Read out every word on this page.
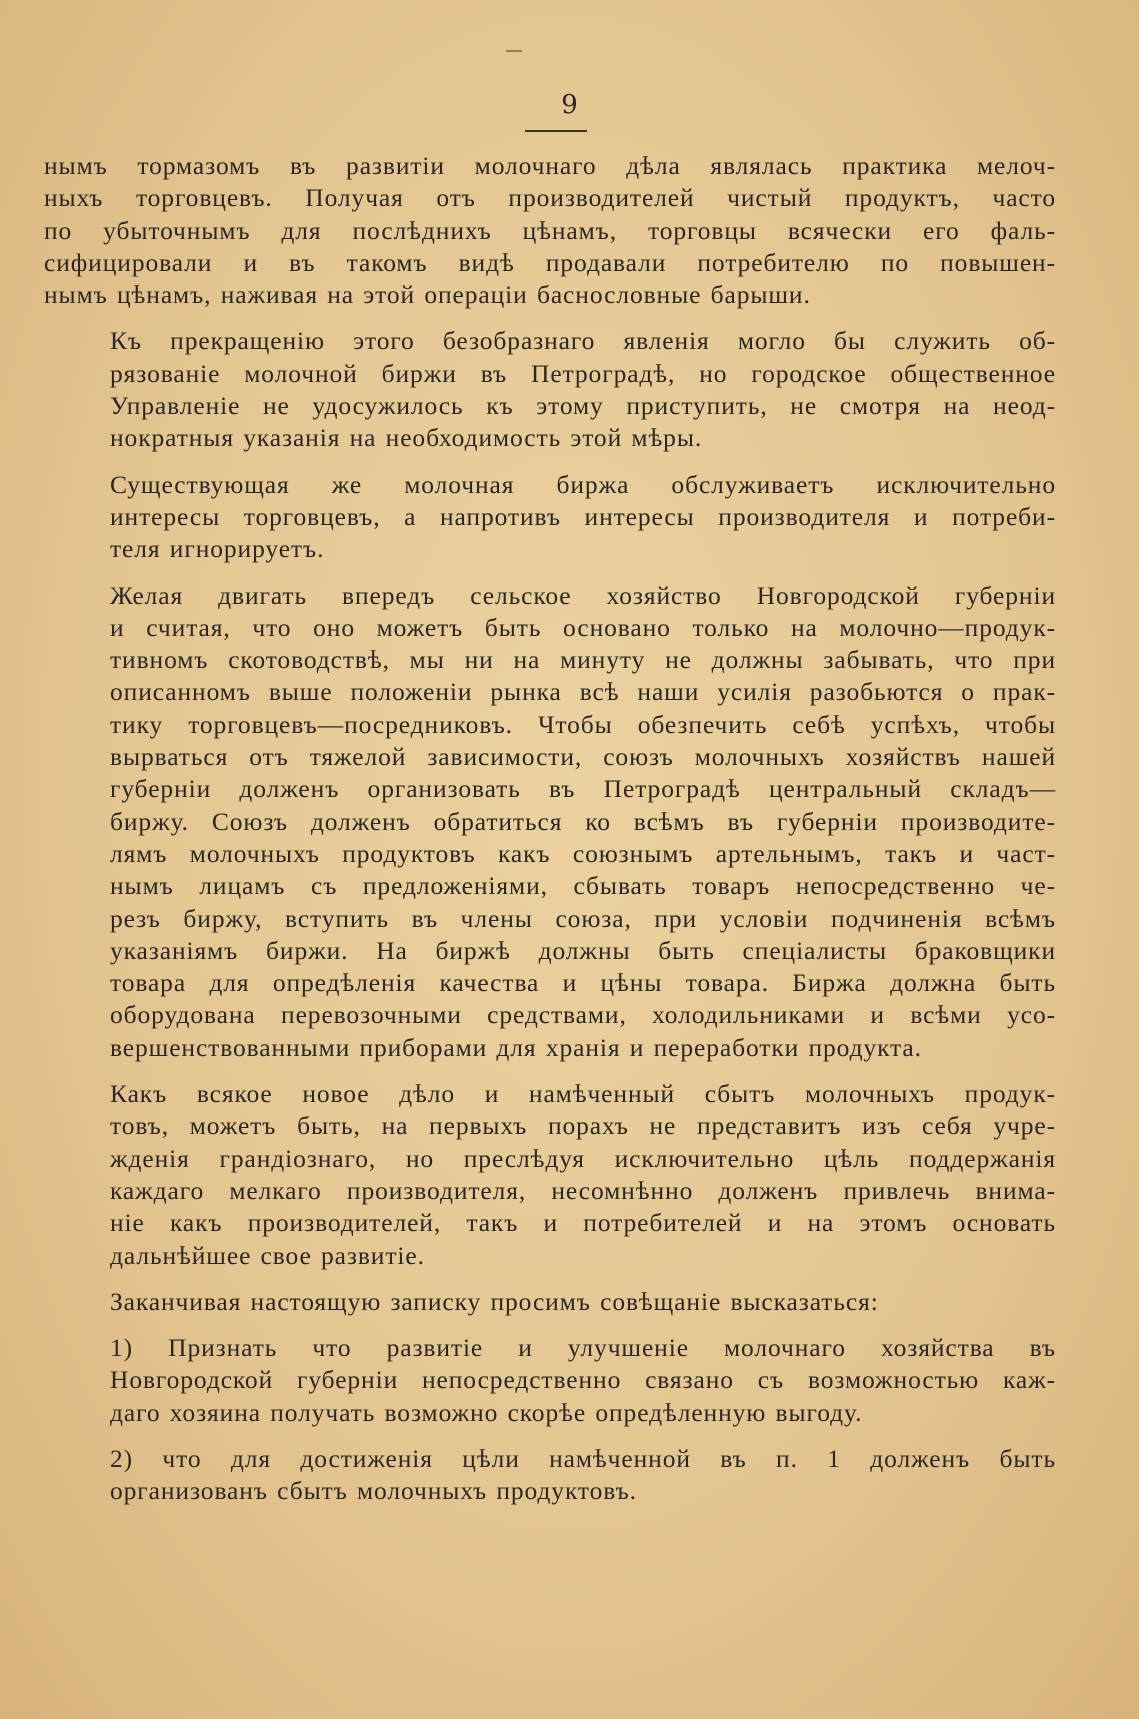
9

нымъ тормазомъ въ развитiи молочнаго дѣла являлась практика мелоч-
ныхъ торговцевъ. Получая отъ производителей чистый продуктъ, часто
по убыточнымъ для послѣднихъ цѣнамъ, торговцы всячески его фаль-
сифицировали и въ такомъ видѣ продавали потребителю по повышен-
нымъ цѣнамъ, наживая на этой операцiи баснословные барыши.

Къ прекращенiю этого безобразнаго явленiя могло бы служить об-
рязованiе молочной биржи въ Петроградѣ, но городское общественное
Управленiе не удосужилось къ этому приступить, не смотря на неод-
нократныя указанiя на необходимость этой мѣры.

Существующая же молочная биржа обслуживаетъ исключительно
интересы торговцевъ, а напротивъ интересы производителя и потреби-
теля игнорируетъ.

Желая двигать впередъ сельское хозяйство Новгородской губернiи
и считая, что оно можетъ быть основано только на молочно—продук-
тивномъ скотоводствѣ, мы ни на минуту не должны забывать, что при
описанномъ выше положенiи рынка всѣ наши усилiя разобьются о прак-
тику торговцевъ—посредниковъ. Чтобы обезпечить себѣ успѣхъ, чтобы
вырваться отъ тяжелой зависимости, союзъ молочныхъ хозяйствъ нашей
губернiи долженъ организовать въ Петроградѣ центральный складъ—
биржу. Союзъ долженъ обратиться ко всѣмъ въ губернiи производите-
лямъ молочныхъ продуктовъ какъ союзнымъ артельнымъ, такъ и част-
нымъ лицамъ съ предложенiями, сбывать товаръ непосредственно че-
резъ биржу, вступить въ члены союза, при условiи подчиненiя всѣмъ
указанiямъ биржи. На биржѣ должны быть спецiалисты браковщики
товара для опредѣленiя качества и цѣны товара. Биржа должна быть
оборудована перевозочными средствами, холодильниками и всѣми усо-
вершенствованными приборами для хранiя и переработки продукта.

Какъ всякое новое дѣло и намѣченный сбытъ молочныхъ продук-
товъ, можетъ быть, на первыхъ порахъ не представитъ изъ себя учре-
жденiя грандiознаго, но преслѣдуя исключительно цѣль поддержанiя
каждаго мелкаго производителя, несомнѣнно долженъ привлечь внима-
нiе какъ производителей, такъ и потребителей и на этомъ основать
дальнѣйшее свое развитiе.

Заканчивая настоящую записку просимъ совѣщанiе высказаться:

1) Признать что развитiе и улучшенiе молочнаго хозяйства въ
Новгородской губернiи непосредственно связано съ возможностью каж-
даго хозяина получать возможно скорѣе опредѣленную выгоду.

2) что для достиженiя цѣли намѣченной въ п. 1 долженъ быть
организованъ сбытъ молочныхъ продуктовъ.
